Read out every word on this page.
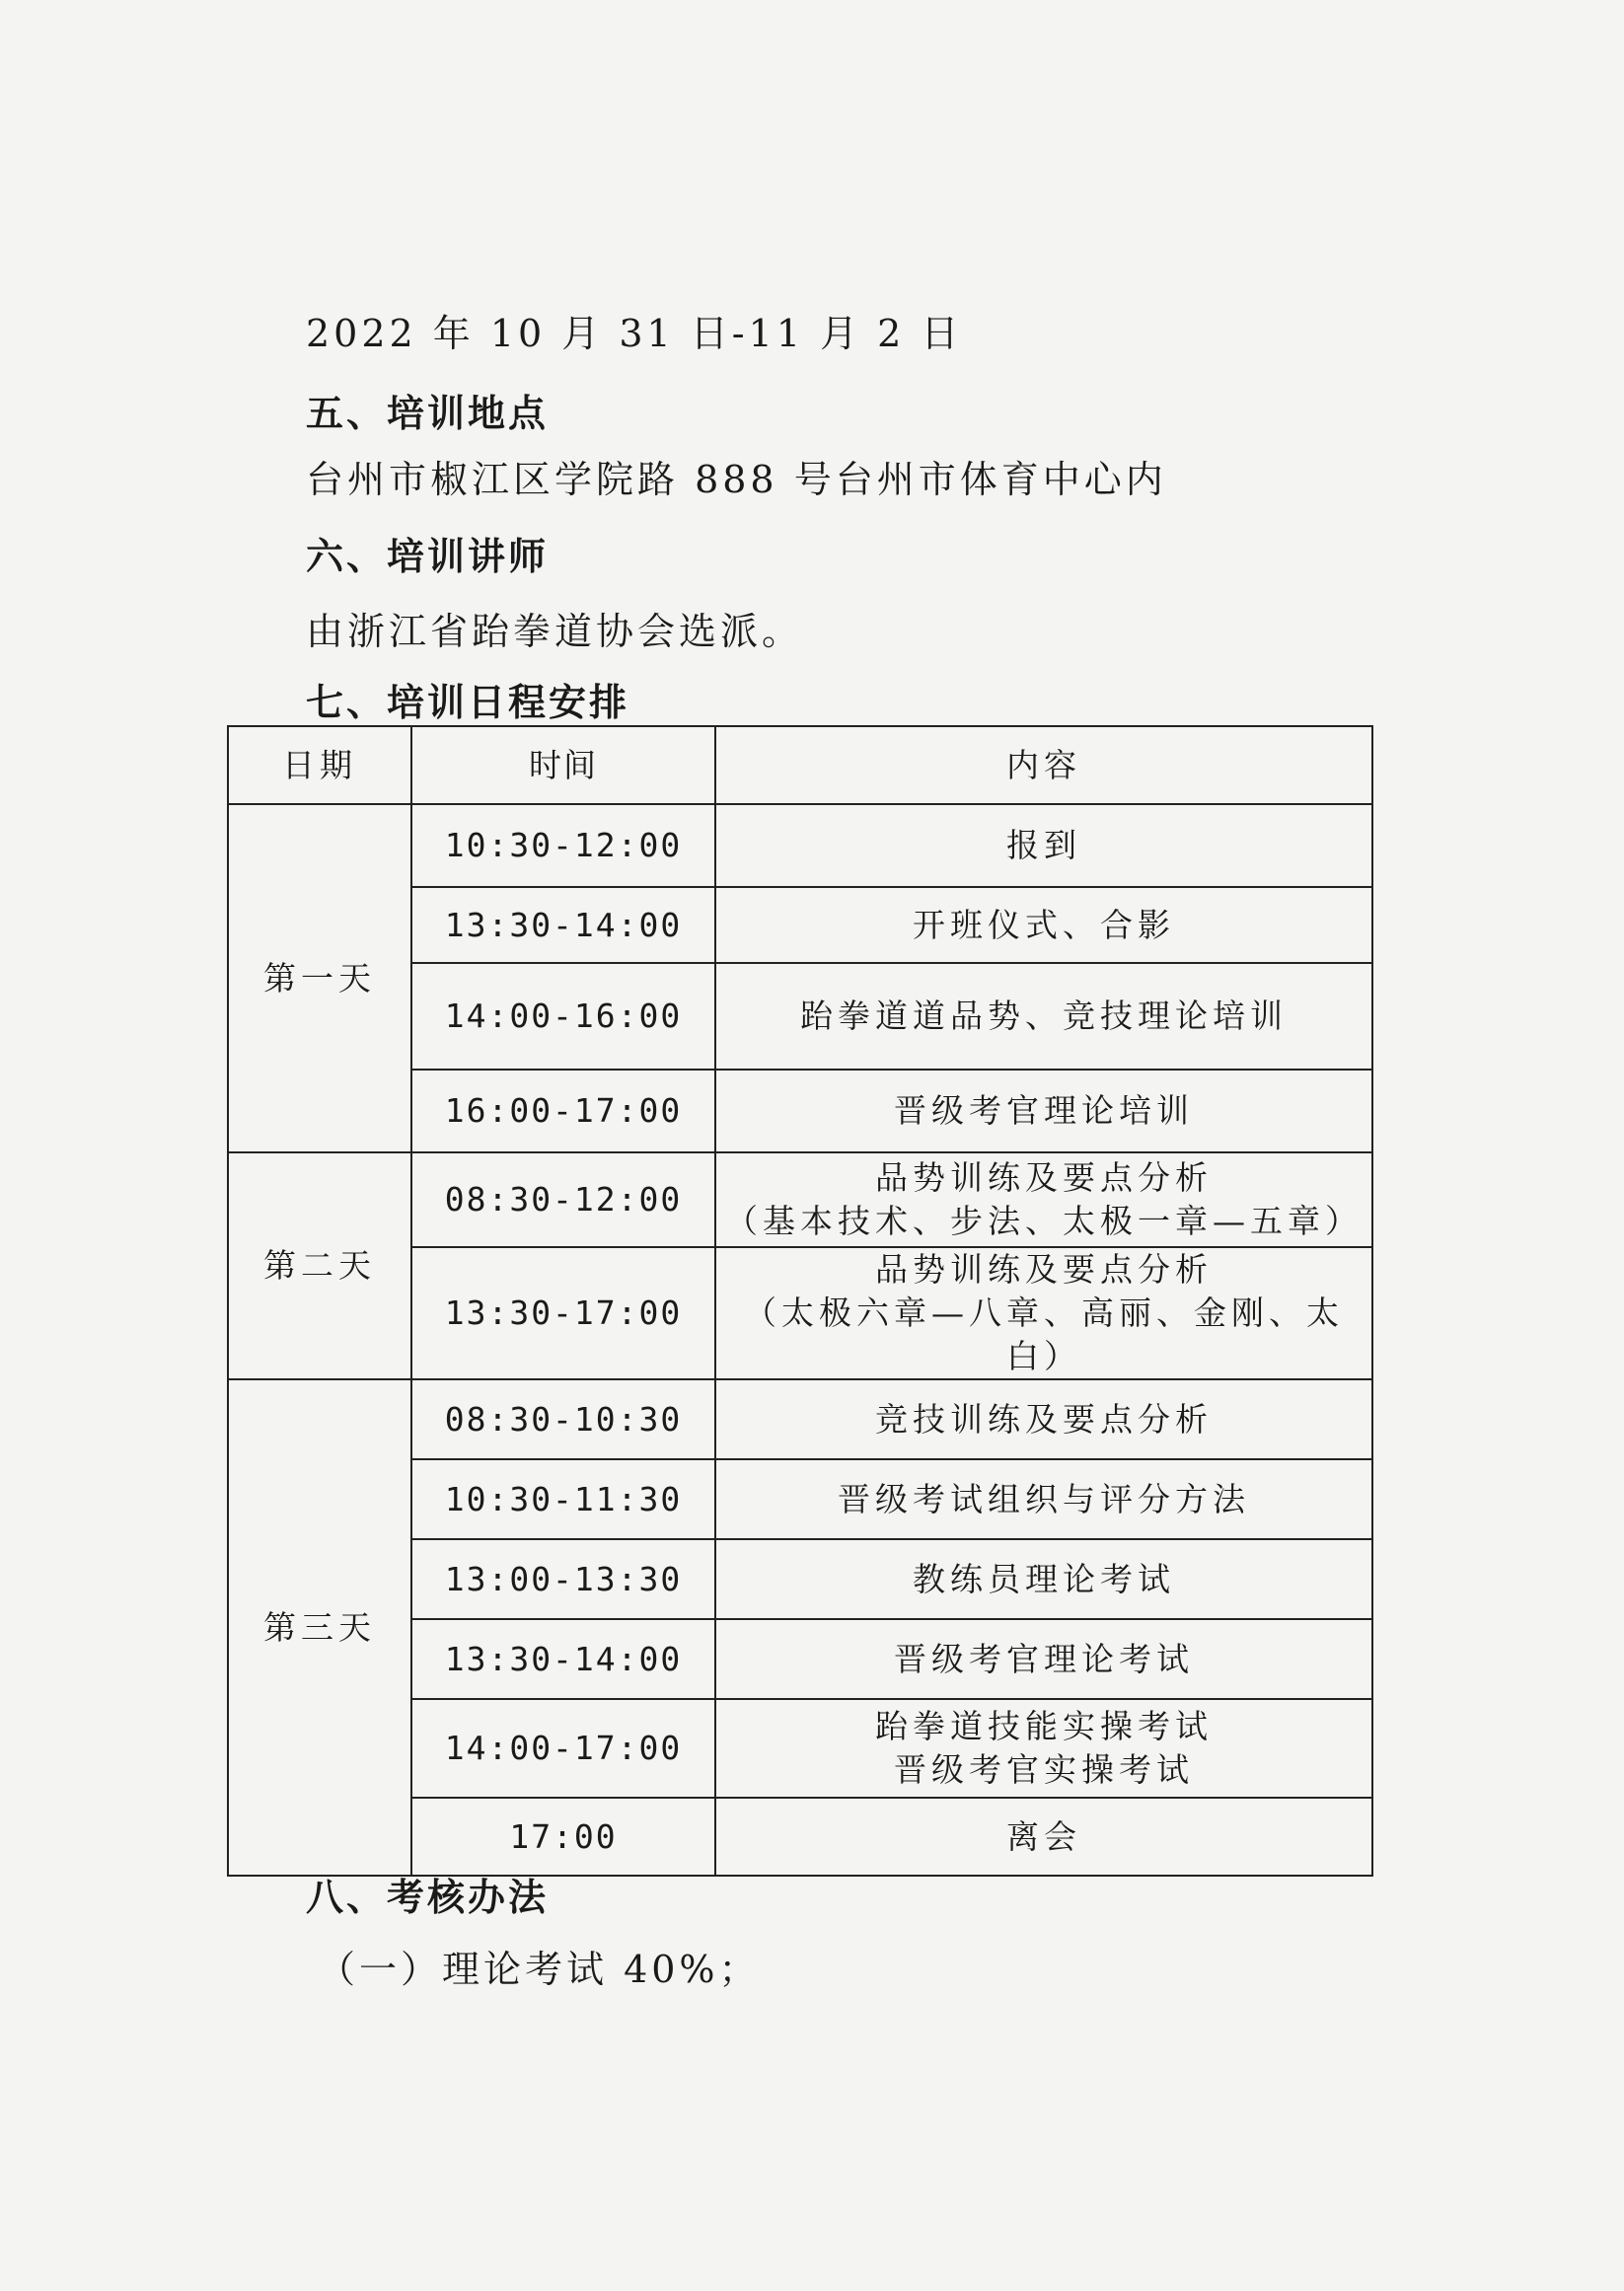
2022 年 10 月 31 日-11 月 2 日

五、培训地点

台州市椒江区学院路 888 号台州市体育中心内

六、培训讲师

由浙江省跆拳道协会选派。

七、培训日程安排

日期	时间	内容
第一天	10:30-12:00	报到

	13:30-14:00	开班仪式、合影

	14:00-16:00	跆拳道道品势、竞技理论培训

	16:00-17:00	晋级考官理论培训

第二天	08:30-12:00	品势训练及要点分析
（基本技术、步法、太极一章—五章）

	13:30-17:00	品势训练及要点分析
（太极六章—八章、高丽、金刚、太白）

第三天	08:30-10:30	竞技训练及要点分析

	10:30-11:30	晋级考试组织与评分方法

	13:00-13:30	教练员理论考试

	13:30-14:00	晋级考官理论考试

	14:00-17:00	跆拳道技能实操考试
晋级考官实操考试

	17:00	离会

八、考核办法

（一）理论考试 40%；
